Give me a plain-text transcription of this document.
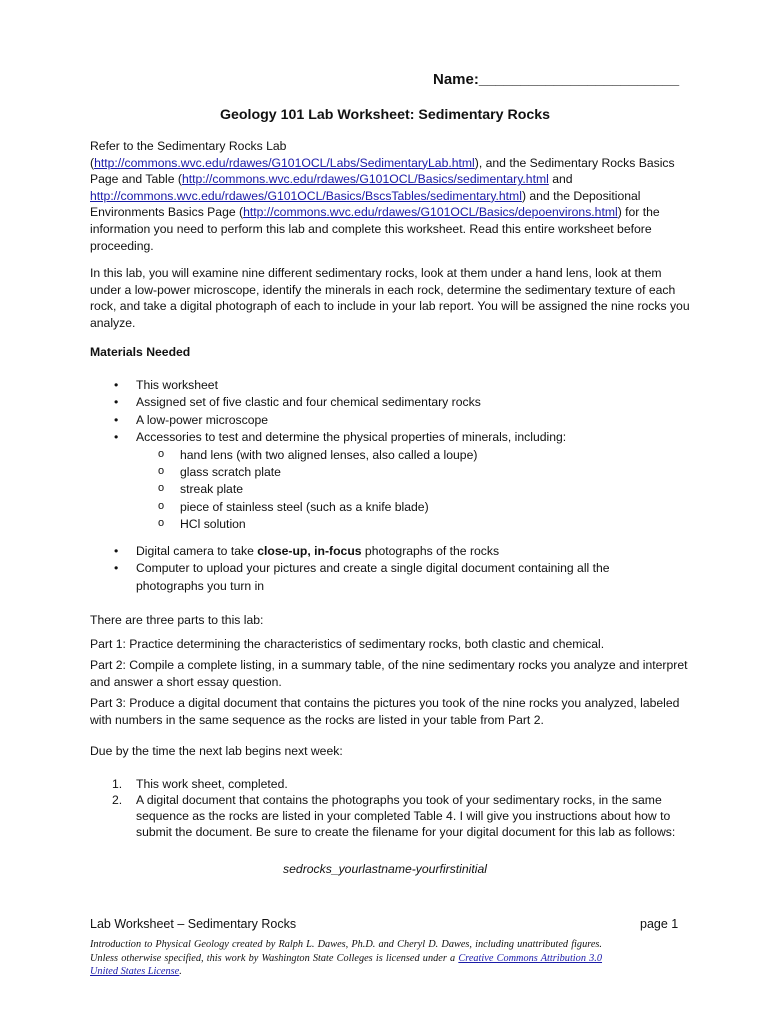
Name:________________________
Geology 101 Lab Worksheet: Sedimentary Rocks
Refer to the Sedimentary Rocks Lab
(http://commons.wvc.edu/rdawes/G101OCL/Labs/SedimentaryLab.html), and the Sedimentary Rocks Basics Page and Table (http://commons.wvc.edu/rdawes/G101OCL/Basics/sedimentary.html and
http://commons.wvc.edu/rdawes/G101OCL/Basics/BscsTables/sedimentary.html) and the Depositional Environments Basics Page (http://commons.wvc.edu/rdawes/G101OCL/Basics/depoenvirons.html) for the information you need to perform this lab and complete this worksheet. Read this entire worksheet before proceeding.
In this lab, you will examine nine different sedimentary rocks, look at them under a hand lens, look at them under a low-power microscope, identify the minerals in each rock, determine the sedimentary texture of each rock, and take a digital photograph of each to include in your lab report. You will be assigned the nine rocks you analyze.
Materials Needed
• This worksheet
• Assigned set of five clastic and four chemical sedimentary rocks
• A low-power microscope
• Accessories to test and determine the physical properties of minerals, including:
o hand lens (with two aligned lenses, also called a loupe)
o glass scratch plate
o streak plate
o piece of stainless steel (such as a knife blade)
o HCl solution
• Digital camera to take close-up, in-focus photographs of the rocks
• Computer to upload your pictures and create a single digital document containing all the photographs you turn in
There are three parts to this lab:
Part 1: Practice determining the characteristics of sedimentary rocks, both clastic and chemical.
Part 2: Compile a complete listing, in a summary table, of the nine sedimentary rocks you analyze and interpret and answer a short essay question.
Part 3: Produce a digital document that contains the pictures you took of the nine rocks you analyzed, labeled with numbers in the same sequence as the rocks are listed in your table from Part 2.
Due by the time the next lab begins next week:
1. This work sheet, completed.
2. A digital document that contains the photographs you took of your sedimentary rocks, in the same sequence as the rocks are listed in your completed Table 4. I will give you instructions about how to submit the document. Be sure to create the filename for your digital document for this lab as follows:
sedrocks_yourlastname-yourfirstinitial
Lab Worksheet – Sedimentary Rocks	page 1
Introduction to Physical Geology created by Ralph L. Dawes, Ph.D. and Cheryl D. Dawes, including unattributed figures. Unless otherwise specified, this work by Washington State Colleges is licensed under a Creative Commons Attribution 3.0 United States License.
